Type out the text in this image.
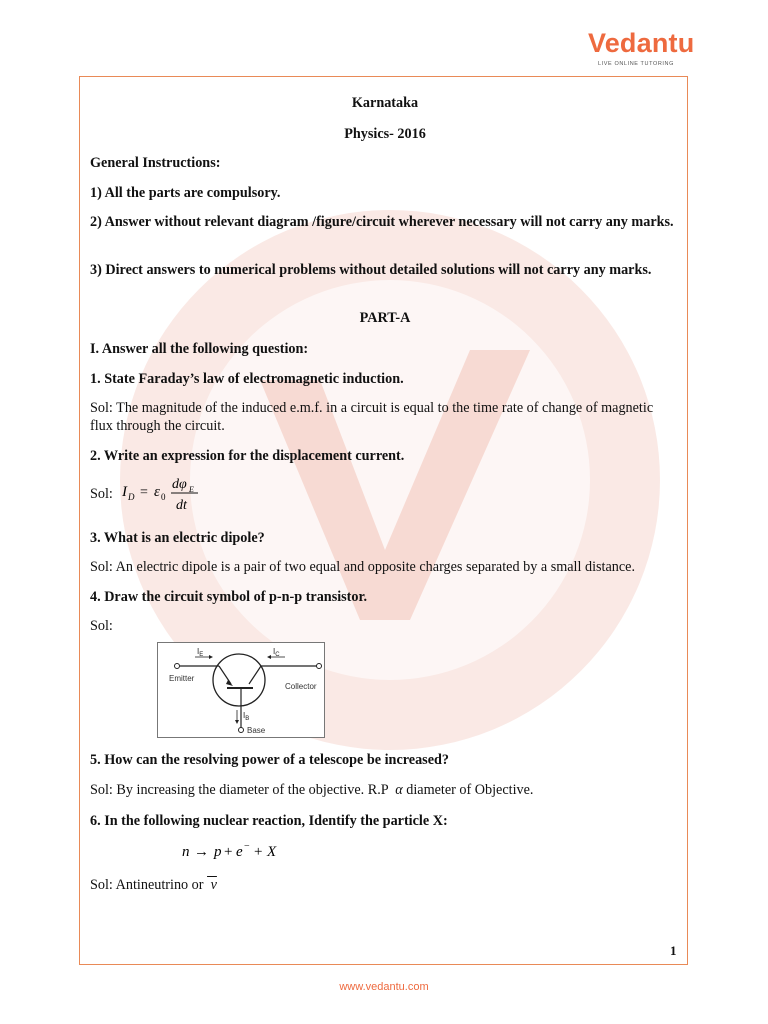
Vedantu
LIVE ONLINE TUTORING
Karnataka
Physics- 2016
General Instructions:
1) All the parts are compulsory.
2) Answer without relevant diagram /figure/circuit wherever necessary will not carry any marks.
3) Direct answers to numerical problems without detailed solutions will not carry any marks.
PART-A
I. Answer all the following question:
1. State Faraday’s law of electromagnetic induction.
Sol: The magnitude of the induced e.m.f. in a circuit is equal to the time rate of change of magnetic flux through the circuit.
2. Write an expression for the displacement current.
Sol: I D = ε 0
dφ E
dt
3. What is an electric dipole?
Sol: An electric dipole is a pair of two equal and opposite charges separated by a small distance.
4. Draw the circuit symbol of p-n-p transistor.
Sol:
5. How can the resolving power of a telescope be increased?
Sol: By increasing the diameter of the objective. R.P  α diameter of Objective.
6. In the following nuclear reaction, Identify the particle X:
n → p + e − + X
Sol: Antineutrino or  ν
$I_E$	$I_C$
$I_B$
Emitter
Collector
Base
1
www.vedantu.com
